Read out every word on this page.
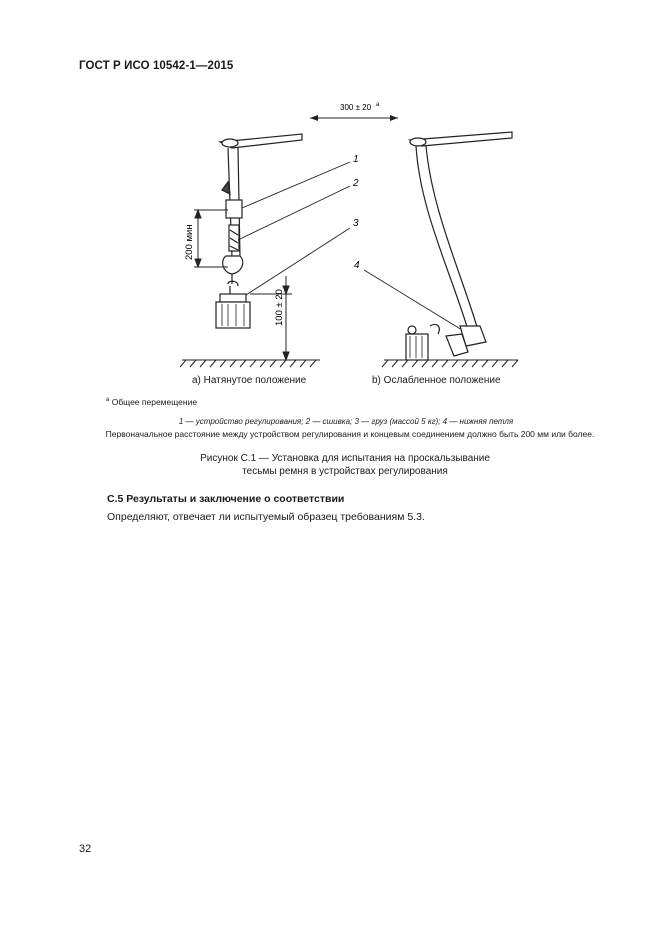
ГОСТ Р ИСО 10542-1—2015
300 ± 20 a
200 мин
100 ± 20
1
2
3
4
а) Натянутое положение	b) Ослабленное положение
$^a$ Общее перемещение
1 — устройство регулирования; 2 — сшивка; 3 — груз (массой 5 кг); 4 — нижняя петля
Первоначальное расстояние между устройством регулирования и концевым соединением должно быть 200 мм или более.
Рисунок С.1 — Установка для испытания на проскальзывание
тесьмы ремня в устройствах регулирования
С.5 Результаты и заключение о соответствии
Определяют, отвечает ли испытуемый образец требованиям 5.3.
32
